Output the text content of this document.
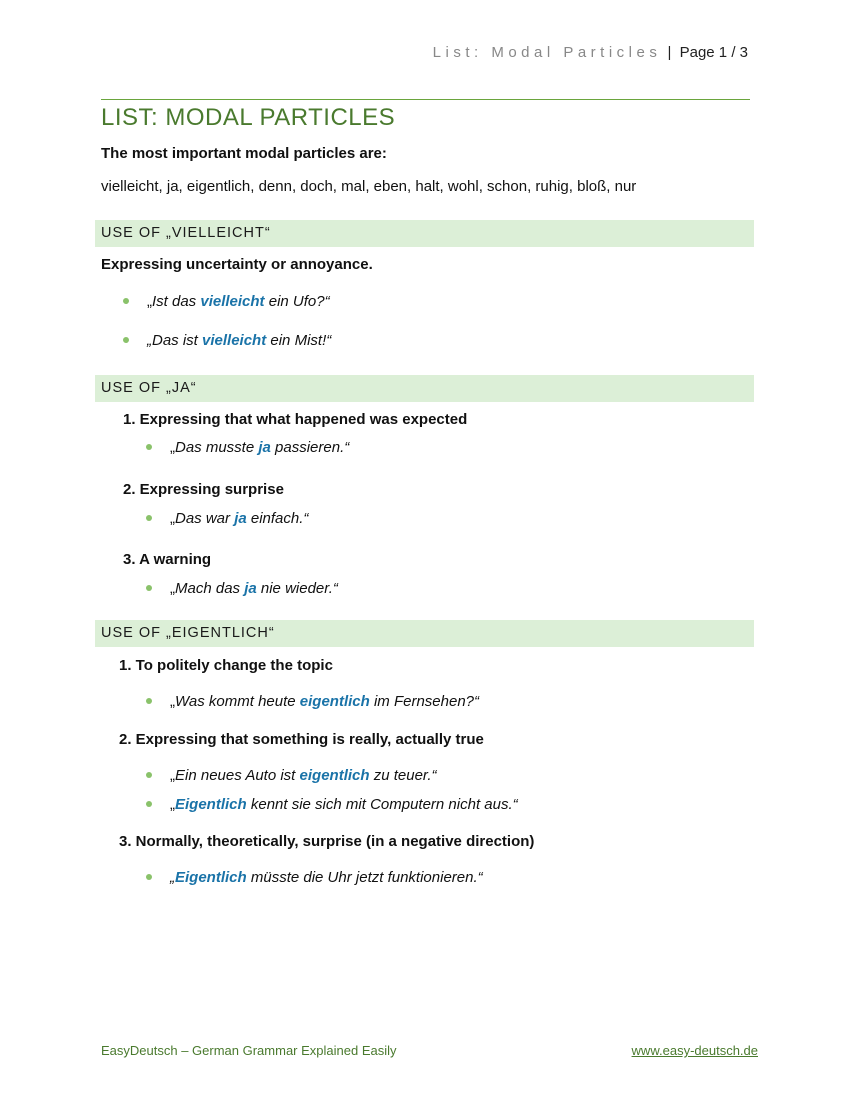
List: Modal Particles | Page 1 / 3
LIST: MODAL PARTICLES
The most important modal particles are:
vielleicht, ja, eigentlich, denn, doch, mal, eben, halt, wohl, schon, ruhig, bloß, nur
USE OF „VIELLEICHT“
Expressing uncertainty or annoyance.
„Ist das vielleicht ein Ufo?“
„Das ist vielleicht ein Mist!“
USE OF „JA“
1. Expressing that what happened was expected
„Das musste ja passieren.“
2. Expressing surprise
„Das war ja einfach.“
3. A warning
„Mach das ja nie wieder.“
USE OF „EIGENTLICH“
1. To politely change the topic
„Was kommt heute eigentlich im Fernsehen?“
2. Expressing that something is really, actually true
„Ein neues Auto ist eigentlich zu teuer.“
„Eigentlich kennt sie sich mit Computern nicht aus.“
3. Normally, theoretically, surprise (in a negative direction)
„Eigentlich müsste die Uhr jetzt funktionieren.“
EasyDeutsch – German Grammar Explained Easily	www.easy-deutsch.de
